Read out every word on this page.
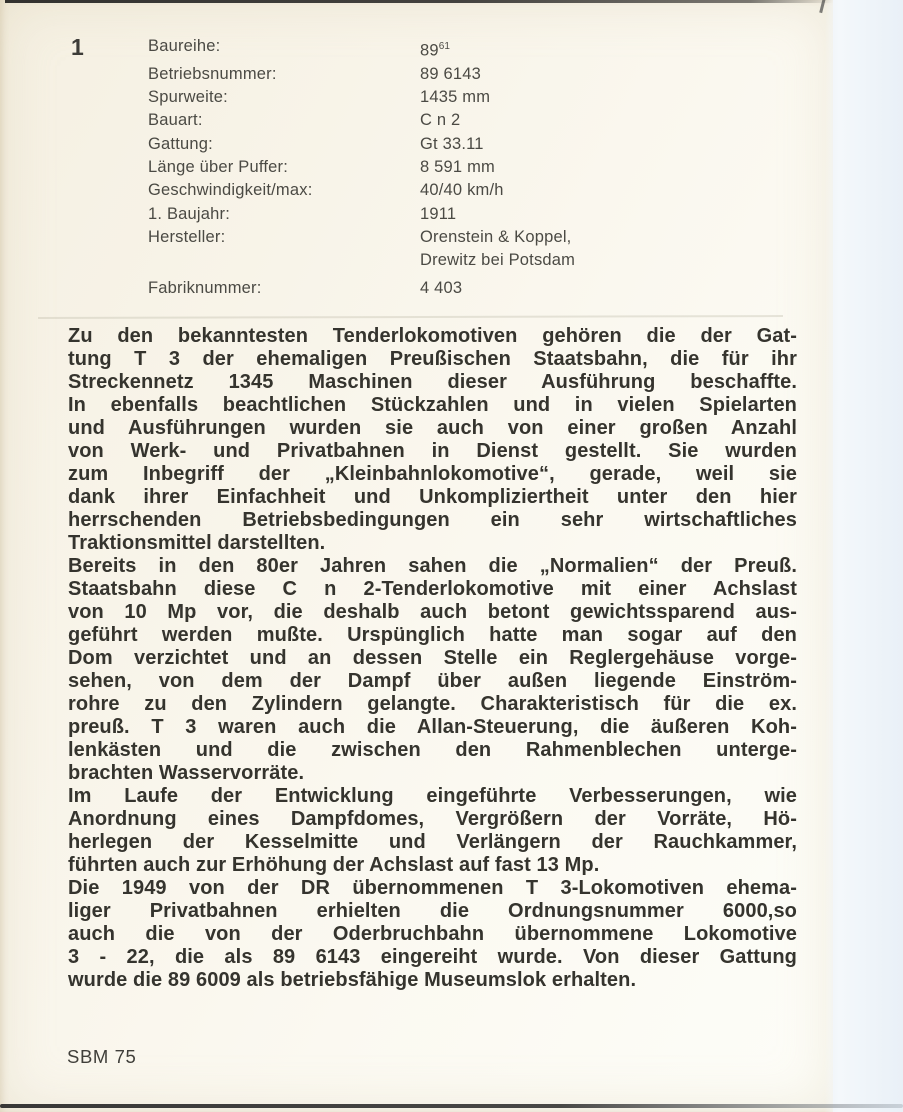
1	Baureihe:	$89^{61}$
Betriebsnummer:	89 6143
Spurweite:	1435 mm
Bauart:	C n 2
Gattung:	Gt 33.11
Länge über Puffer:	8 591 mm
Geschwindigkeit/max:	40/40 km/h
1. Baujahr:	1911
Hersteller:	Orenstein & Koppel,
Drewitz bei Potsdam
Fabriknummer:	4 403
Zu den bekanntesten Tenderlokomotiven gehören die der Gat-
tung T 3 der ehemaligen Preußischen Staatsbahn, die für ihr
Streckennetz 1345 Maschinen dieser Ausführung beschaffte.
In ebenfalls beachtlichen Stückzahlen und in vielen Spielarten
und Ausführungen wurden sie auch von einer großen Anzahl
von Werk- und Privatbahnen in Dienst gestellt. Sie wurden
zum Inbegriff der „Kleinbahnlokomotive“, gerade, weil sie
dank ihrer Einfachheit und Unkompliziertheit unter den hier
herrschenden Betriebsbedingungen ein sehr wirtschaftliches
Traktionsmittel darstellten.
Bereits in den 80er Jahren sahen die „Normalien“ der Preuß.
Staatsbahn diese C n 2-Tenderlokomotive mit einer Achslast
von 10 Mp vor, die deshalb auch betont gewichtssparend aus-
geführt werden mußte. Urspünglich hatte man sogar auf den
Dom verzichtet und an dessen Stelle ein Reglergehäuse vorge-
sehen, von dem der Dampf über außen liegende Einström-
rohre zu den Zylindern gelangte. Charakteristisch für die ex.
preuß. T 3 waren auch die Allan-Steuerung, die äußeren Koh-
lenkästen und die zwischen den Rahmenblechen unterge-
brachten Wasservorräte.
Im Laufe der Entwicklung eingeführte Verbesserungen, wie
Anordnung eines Dampfdomes, Vergrößern der Vorräte, Hö-
herlegen der Kesselmitte und Verlängern der Rauchkammer,
führten auch zur Erhöhung der Achslast auf fast 13 Mp.
Die 1949 von der DR übernommenen T 3-Lokomotiven ehema-
liger Privatbahnen erhielten die Ordnungsnummer 6000,so
auch die von der Oderbruchbahn übernommene Lokomotive
3 - 22, die als 89 6143 eingereiht wurde. Von dieser Gattung
wurde die 89 6009 als betriebsfähige Museumslok erhalten.
SBM 75
